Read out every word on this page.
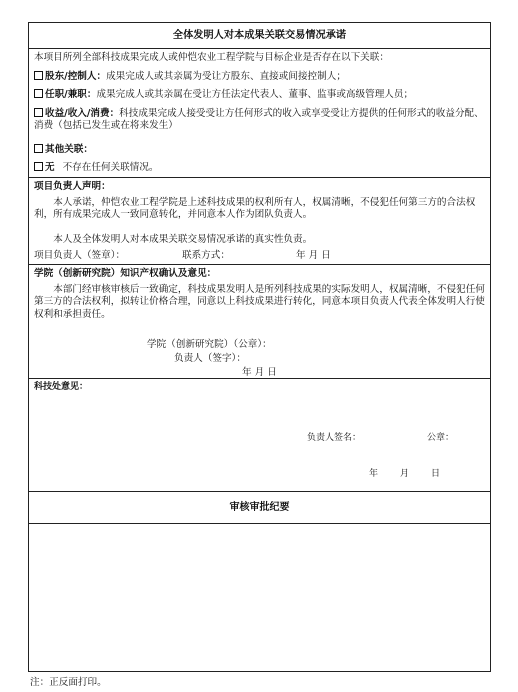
全体发明人对本成果关联交易情况承诺
本项目所列全部科技成果完成人或仲恺农业工程学院与目标企业是否存在以下关联：
股东/控制人：成果完成人或其亲属为受让方股东、直接或间接控制人；
任职/兼职：成果完成人或其亲属在受让方任法定代表人、董事、监事或高级管理人员；
收益/收入/消费：科技成果完成人接受受让方任何形式的收入或享受受让方提供的任何形式的收益分配、消费（包括已发生或在将来发生）
其他关联：
无 不存在任何关联情况。
项目负责人声明：
本人承诺，仲恺农业工程学院是上述科技成果的权利所有人，权属清晰，不侵犯任何第三方的合法权利，所有成果完成人一致同意转化，并同意本人作为团队负责人。
本人及全体发明人对本成果关联交易情况承诺的真实性负责。
项目负责人（签章）：	联系方式：	年 月 日
学院（创新研究院）知识产权确认及意见：
本部门经审核审核后一致确定，科技成果发明人是所列科技成果的实际发明人，权属清晰，不侵犯任何第三方的合法权利，拟转让价格合理，同意以上科技成果进行转化，同意本项目负责人代表全体发明人行使权利和承担责任。
学院（创新研究院）（公章）：
负责人（签字）：
年 月 日
科技处意见：
负责人签名：	公章：
年 月 日
审核审批纪要
注：正反面打印。
